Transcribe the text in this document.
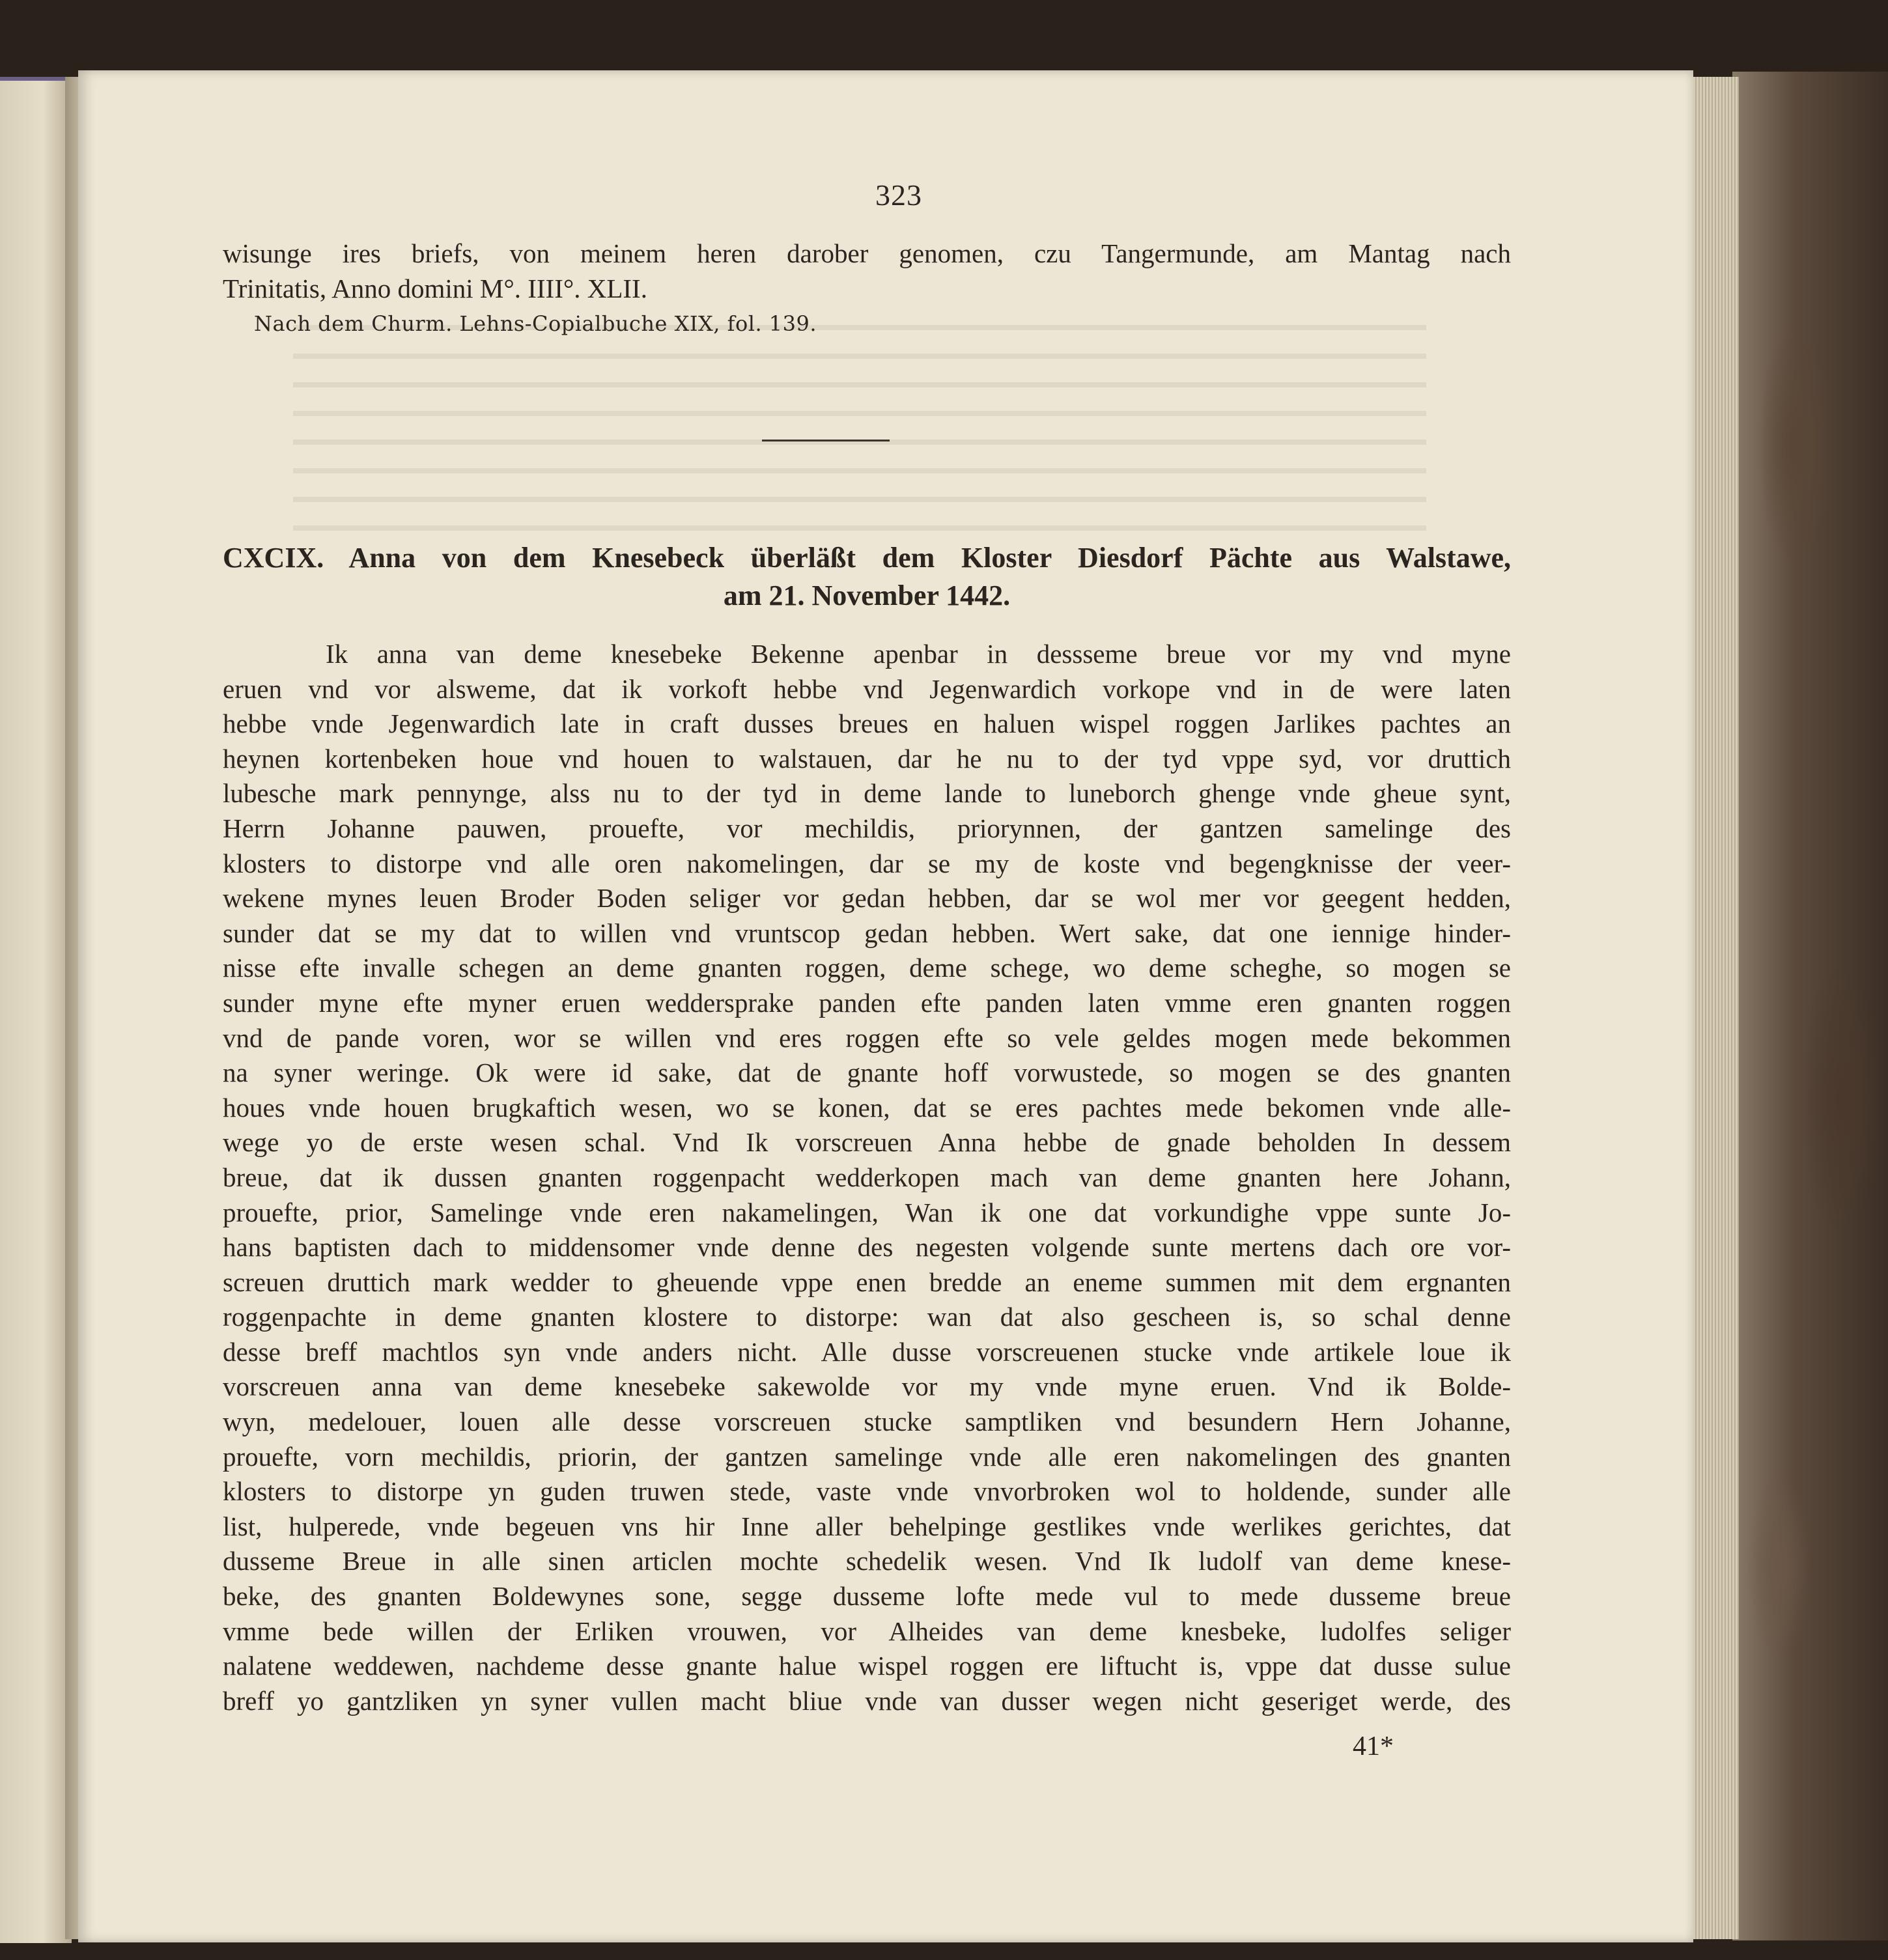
323
wisunge ires briefs, von meinem heren darober genomen, czu Tangermunde, am Mantag nach
Trinitatis, Anno domini M°. IIII°. XLII.
Nach dem Churm. Lehns-Copialbuche XIX, fol. 139.
CXCIX. Anna von dem Knesebeck überläßt dem Kloster Diesdorf Pächte aus Walstawe,
am 21. November 1442.
Ik anna van deme knesebeke Bekenne apenbar in dessseme breue vor my vnd myne
eruen vnd vor alsweme, dat ik vorkoft hebbe vnd Jegenwardich vorkope vnd in de were laten
hebbe vnde Jegenwardich late in craft dusses breues en haluen wispel roggen Jarlikes pachtes an
heynen kortenbeken houe vnd houen to walstauen, dar he nu to der tyd vppe syd, vor druttich
lubesche mark pennynge, alss nu to der tyd in deme lande to luneborch ghenge vnde gheue synt,
Herrn Johanne pauwen, prouefte, vor mechildis, priorynnen, der gantzen samelinge des
klosters to distorpe vnd alle oren nakomelingen, dar se my de koste vnd begengknisse der veer-
wekene mynes leuen Broder Boden seliger vor gedan hebben, dar se wol mer vor geegent hedden,
sunder dat se my dat to willen vnd vruntscop gedan hebben. Wert sake, dat one iennige hinder-
nisse efte invalle schegen an deme gnanten roggen, deme schege, wo deme scheghe, so mogen se
sunder myne efte myner eruen weddersprake panden efte panden laten vmme eren gnanten roggen
vnd de pande voren, wor se willen vnd eres roggen efte so vele geldes mogen mede bekommen
na syner weringe. Ok were id sake, dat de gnante hoff vorwustede, so mogen se des gnanten
houes vnde houen brugkaftich wesen, wo se konen, dat se eres pachtes mede bekomen vnde alle-
wege yo de erste wesen schal. Vnd Ik vorscreuen Anna hebbe de gnade beholden In dessem
breue, dat ik dussen gnanten roggenpacht wedderkopen mach van deme gnanten here Johann,
prouefte, prior, Samelinge vnde eren nakamelingen, Wan ik one dat vorkundighe vppe sunte Jo-
hans baptisten dach to middensomer vnde denne des negesten volgende sunte mertens dach ore vor-
screuen druttich mark wedder to gheuende vppe enen bredde an eneme summen mit dem ergnanten
roggenpachte in deme gnanten klostere to distorpe: wan dat also gescheen is, so schal denne
desse breff machtlos syn vnde anders nicht. Alle dusse vorscreuenen stucke vnde artikele loue ik
vorscreuen anna van deme knesebeke sakewolde vor my vnde myne eruen. Vnd ik Bolde-
wyn, medelouer, louen alle desse vorscreuen stucke samptliken vnd besundern Hern Johanne,
prouefte, vorn mechildis, priorin, der gantzen samelinge vnde alle eren nakomelingen des gnanten
klosters to distorpe yn guden truwen stede, vaste vnde vnvorbroken wol to holdende, sunder alle
list, hulperede, vnde begeuen vns hir Inne aller behelpinge gestlikes vnde werlikes gerichtes, dat
dusseme Breue in alle sinen articlen mochte schedelik wesen. Vnd Ik ludolf van deme knese-
beke, des gnanten Boldewynes sone, segge dusseme lofte mede vul to mede dusseme breue
vmme bede willen der Erliken vrouwen, vor Alheides van deme knesbeke, ludolfes seliger
nalatene weddewen, nachdeme desse gnante halue wispel roggen ere liftucht is, vppe dat dusse sulue
breff yo gantzliken yn syner vullen macht bliue vnde van dusser wegen nicht geseriget werde, des
41*
